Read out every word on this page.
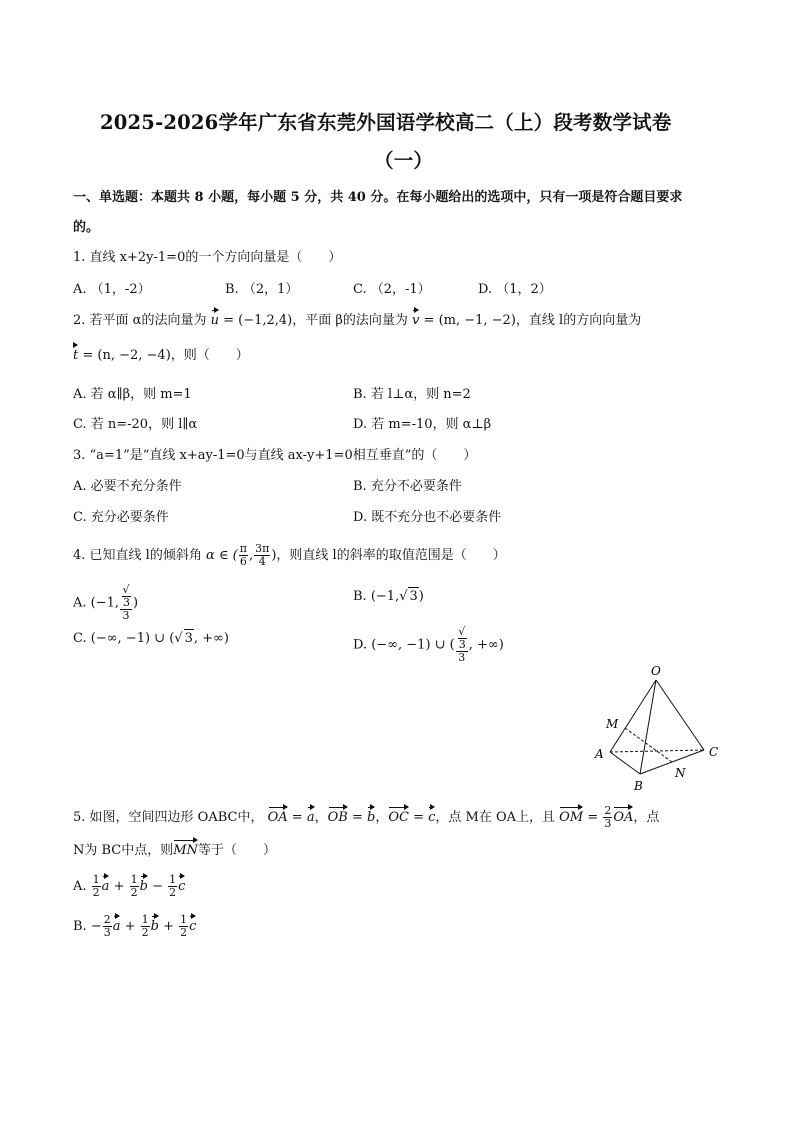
2025-2026学年广东省东莞外国语学校高二（上）段考数学试卷
（一）
一、单选题：本题共 8 小题，每小题 5 分，共 40 分。在每小题给出的选项中，只有一项是符合题目要求
的。
1. 直线 x+2y-1=0的一个方向向量是（　　）
A. （1，-2）	B. （2，1）	C. （2，-1）	D. （1，2）
2. 若平面 α的法向量为 u = (−1,2,4)，平面 β的法向量为 v = (m, −1, −2)，直线 l的方向向量为
t = (n, −2, −4)，则（　　）
A. 若 α∥β，则 m=1	B. 若 l⊥α，则 n=2
C. 若 n=-20，则 l∥α	D. 若 m=-10，则 α⊥β
3. “a=1”是“直线 x+ay-1=0与直线 ax-y+1=0相互垂直”的（　　）
A. 必要不充分条件	B. 充分不必要条件
C. 充分必要条件	D. 既不充分也不必要条件
4. 已知直线 l的倾斜角 α ∈ ( $\frac{\pi}{6}$ , $\frac{3\pi}{4}$ )，则直线 l的斜率的取值范围是（　　）
A. (−1, √
3
3 )	B. (−1,√ 3)
C. (−∞, −1) ∪ (√ 3, +∞)	D. (−∞, −1) ∪ ( √
3
3 , +∞)
O
M
A
B
C
N
5. 如图，空间四边形 OABC中， OA = a，OB = b，OC = c，点 M在 OA上，且 OM = $\frac{2}{3}$ OA，点
N为 BC中点，则MN等于（　　）
A. $\frac{1}{2}$ $a + \frac{1}{2}$ $b - \frac{1}{2}$ c
B. − $\frac{2}{3}$ $a + \frac{1}{2}$ $b + \frac{1}{2}$ c
